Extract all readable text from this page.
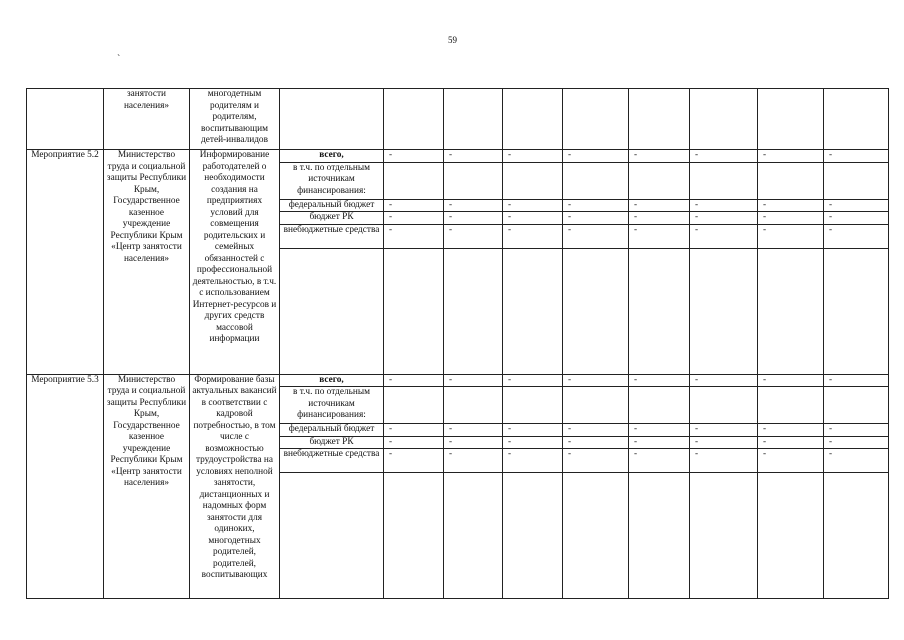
59
`
	занятости населения»	многодетным родителям и родителям, воспитывающим детей-инвалидов									
Мероприятие 5.2	Министерство труда и социальной защиты Республики Крым, Государственное казенное учреждение Республики Крым «Центр занятости населения»	Информирование работодателей о необходимости создания на предприятиях условий для совмещения родительских и семейных обязанностей с профессиональной деятельностью, в т.ч. с использованием Интернет-ресурсов и других средств массовой информации	всего,	-	-	-	-	-	-	-	-
			в т.ч. по отдельным источникам финансирования:								
			федеральный бюджет	-	-	-	-	-	-	-	-
			бюджет РК	-	-	-	-	-	-	-	-
			внебюджетные средства	-	-	-	-	-	-	-	-

Мероприятие 5.3	Министерство труда и социальной защиты Республики Крым, Государственное казенное учреждение Республики Крым «Центр занятости населения»	Формирование базы актуальных вакансий в соответствии с кадровой потребностью, в том числе с возможностью трудоустройства на условиях неполной занятости, дистанционных и надомных форм занятости для одиноких, многодетных родителей, родителей, воспитывающих	всего,	-	-	-	-	-	-	-	-
			в т.ч. по отдельным источникам финансирования:								
			федеральный бюджет	-	-	-	-	-	-	-	-
			бюджет РК	-	-	-	-	-	-	-	-
			внебюджетные средства	-	-	-	-	-	-	-	-
